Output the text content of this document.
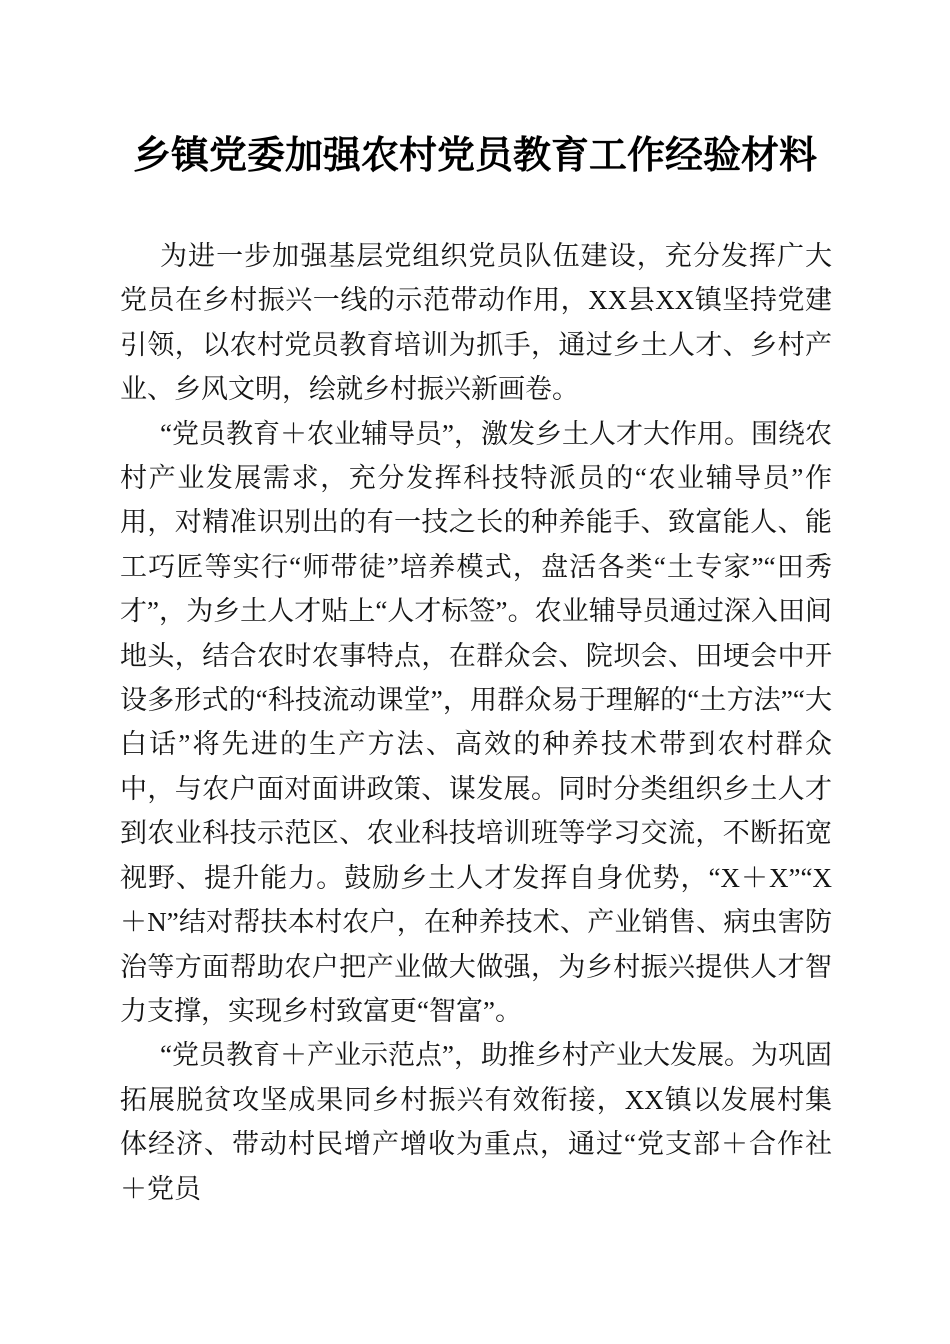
乡镇党委加强农村党员教育工作经验材料

为进一步加强基层党组织党员队伍建设，充分发挥广大党员在乡村振兴一线的示范带动作用，XX县XX镇坚持党建引领，以农村党员教育培训为抓手，通过乡土人才、乡村产业、乡风文明，绘就乡村振兴新画卷。

“党员教育＋农业辅导员”，激发乡土人才大作用。围绕农村产业发展需求，充分发挥科技特派员的“农业辅导员”作用，对精准识别出的有一技之长的种养能手、致富能人、能工巧匠等实行“师带徒”培养模式，盘活各类“土专家”“田秀才”，为乡土人才贴上“人才标签”。农业辅导员通过深入田间地头，结合农时农事特点，在群众会、院坝会、田埂会中开设多形式的“科技流动课堂”，用群众易于理解的“土方法”“大白话”将先进的生产方法、高效的种养技术带到农村群众中，与农户面对面讲政策、谋发展。同时分类组织乡土人才到农业科技示范区、农业科技培训班等学习交流，不断拓宽视野、提升能力。鼓励乡土人才发挥自身优势，“X＋X”“X＋N”结对帮扶本村农户，在种养技术、产业销售、病虫害防治等方面帮助农户把产业做大做强，为乡村振兴提供人才智力支撑，实现乡村致富更“智富”。

“党员教育＋产业示范点”，助推乡村产业大发展。为巩固拓展脱贫攻坚成果同乡村振兴有效衔接，XX镇以发展村集体经济、带动村民增产增收为重点，通过“党支部＋合作社＋党员
